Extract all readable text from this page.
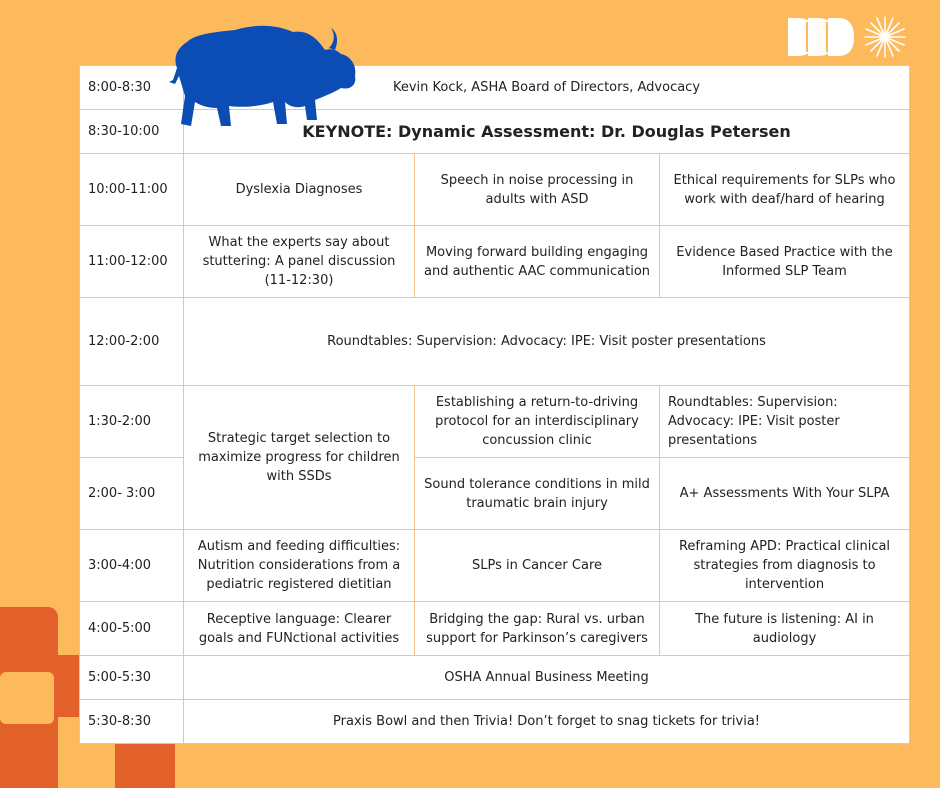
8:00-8:30	Kevin Kock, ASHA Board of Directors, Advocacy		
8:30-10:00	KEYNOTE: Dynamic Assessment: Dr. Douglas Petersen		
10:00-11:00	Dyslexia Diagnoses	Speech in noise processing in adults with ASD	Ethical requirements for SLPs who work with deaf/hard of hearing
11:00-12:00	What the experts say about stuttering: A panel discussion (11-12:30)	Moving forward building engaging and authentic AAC communication	Evidence Based Practice with the Informed SLP Team
12:00-2:00	Roundtables: Supervision: Advocacy: IPE: Visit poster presentations		
1:30-2:00	Strategic target selection to maximize progress for children with SSDs	Establishing a return-to-driving protocol for an interdisciplinary concussion clinic	Roundtables: Supervision: Advocacy: IPE: Visit poster presentations
2:00- 3:00		Sound tolerance conditions in mild traumatic brain injury	A+ Assessments With Your SLPA
3:00-4:00	Autism and feeding difficulties: Nutrition considerations from a pediatric registered dietitian	SLPs in Cancer Care	Reframing APD: Practical clinical strategies from diagnosis to intervention
4:00-5:00	Receptive language: Clearer goals and FUNctional activities	Bridging the gap: Rural vs. urban support for Parkinson’s caregivers	The future is listening: AI in audiology
5:00-5:30	OSHA Annual Business Meeting		
5:30-8:30	Praxis Bowl and then Trivia! Don’t forget to snag tickets for trivia!		
